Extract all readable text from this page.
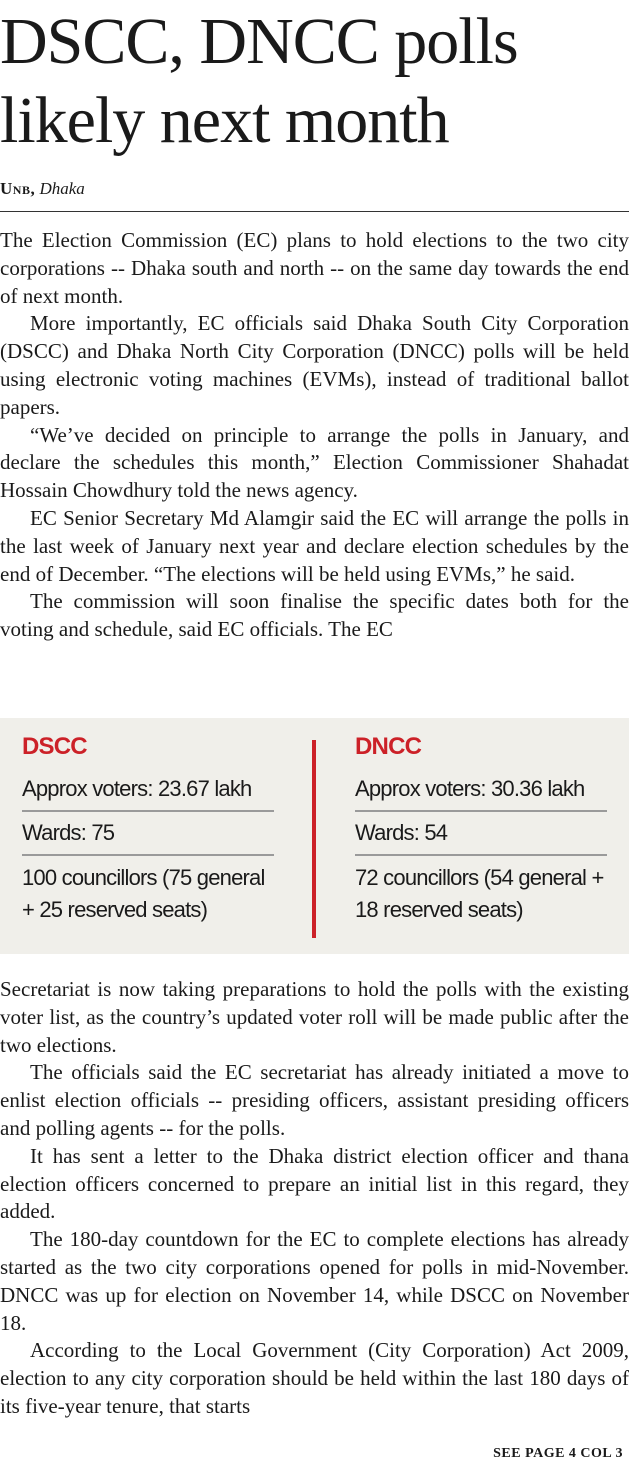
DSCC, DNCC polls likely next month
Unb, Dhaka

The Election Commission (EC) plans to hold elections to the two city corporations -- Dhaka south and north -- on the same day towards the end of next month.

More importantly, EC officials said Dhaka South City Corporation (DSCC) and Dhaka North City Corporation (DNCC) polls will be held using electronic voting machines (EVMs), instead of traditional ballot papers.

“We’ve decided on principle to arrange the polls in January, and declare the schedules this month,” Election Commissioner Shahadat Hossain Chowdhury told the news agency.

EC Senior Secretary Md Alamgir said the EC will arrange the polls in the last week of January next year and declare election schedules by the end of December. “The elections will be held using EVMs,” he said.

The commission will soon finalise the specific dates both for the voting and schedule, said EC officials. The EC

DSCC
Approx voters: 23.67 lakh
Wards: 75
100 councillors (75 general + 25 reserved seats)
DNCC
Approx voters: 30.36 lakh
Wards: 54
72 councillors (54 general + 18 reserved seats)

Secretariat is now taking preparations to hold the polls with the existing voter list, as the country’s updated voter roll will be made public after the two elections.

The officials said the EC secretariat has already initiated a move to enlist election officials -- presiding officers, assistant presiding officers and polling agents -- for the polls.

It has sent a letter to the Dhaka district election officer and thana election officers concerned to prepare an initial list in this regard, they added.

The 180-day countdown for the EC to complete elections has already started as the two city corporations opened for polls in mid-November. DNCC was up for election on November 14, while DSCC on November 18.

According to the Local Government (City Corporation) Act 2009, election to any city corporation should be held within the last 180 days of its five-year tenure, that starts

SEE PAGE 4 COL 3
